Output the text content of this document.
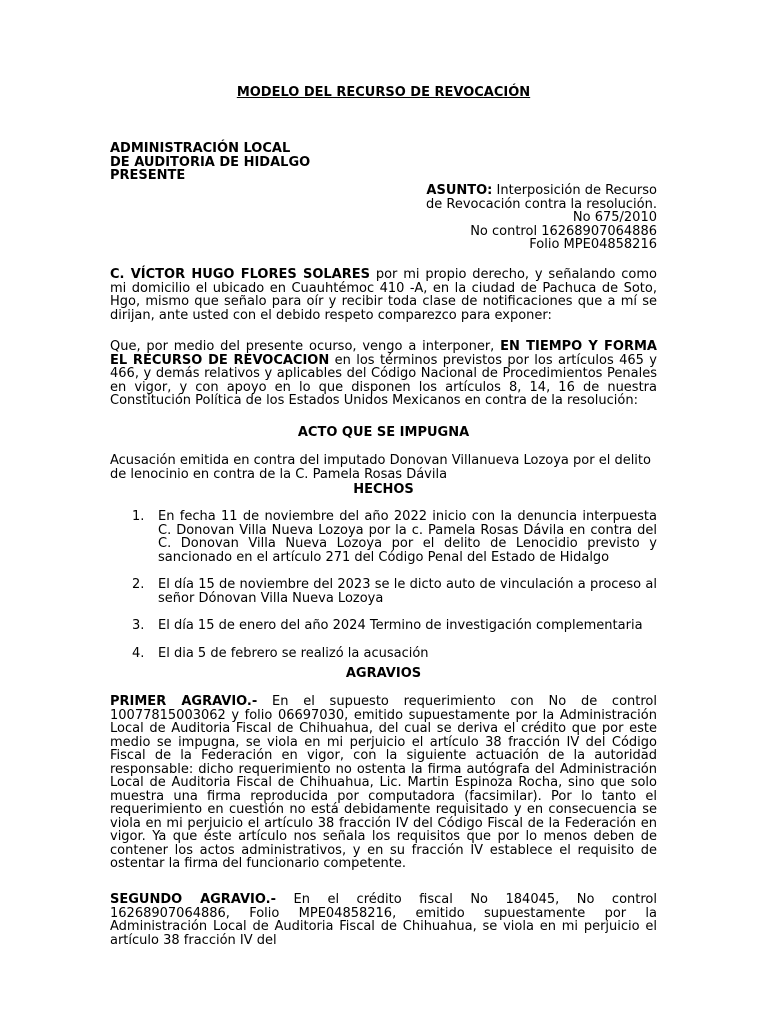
MODELO DEL RECURSO DE REVOCACIÓN
ADMINISTRACIÓN LOCAL
DE AUDITORIA DE HIDALGO
PRESENTE
ASUNTO: Interposición de Recurso
de Revocación contra la resolución.
No 675/2010
No control 16268907064886
Folio MPE04858216
C. VÍCTOR HUGO FLORES SOLARES por mi propio derecho, y señalando como mi domicilio el ubicado en Cuauhtémoc 410 -A, en la ciudad de Pachuca de Soto, Hgo, mismo que señalo para oír y recibir toda clase de notificaciones que a mí se dirijan, ante usted con el debido respeto comparezco para exponer:
Que, por medio del presente ocurso, vengo a interponer, EN TIEMPO Y FORMA EL RECURSO DE REVOCACION en los términos previstos por los artículos 465 y 466, y demás relativos y aplicables del Código Nacional de Procedimientos Penales en vigor, y con apoyo en lo que disponen los artículos 8, 14, 16 de nuestra Constitución Política de los Estados Unidos Mexicanos en contra de la resolución:
ACTO QUE SE IMPUGNA
Acusación emitida en contra del imputado Donovan Villanueva Lozoya por el delito de lenocinio en contra de la C. Pamela Rosas Dávila
HECHOS
1. En fecha 11 de noviembre del año 2022 inicio con la denuncia interpuesta C. Donovan Villa Nueva Lozoya por la c. Pamela Rosas Dávila en contra del C. Donovan Villa Nueva Lozoya por el delito de Lenocidio previsto y sancionado en el artículo 271 del Código Penal del Estado de Hidalgo
2. El día 15 de noviembre del 2023 se le dicto auto de vinculación a proceso al señor Dónovan Villa Nueva Lozoya
3. El día 15 de enero del año 2024 Termino de investigación complementaria
4. El dia 5 de febrero se realizó la acusación
AGRAVIOS
PRIMER AGRAVIO.- En el supuesto requerimiento con No de control 10077815003062 y folio 06697030, emitido supuestamente por la Administración Local de Auditoria Fiscal de Chihuahua, del cual se deriva el crédito que por este medio se impugna, se viola en mi perjuicio el artículo 38 fracción IV del Código Fiscal de la Federación en vigor, con la siguiente actuación de la autoridad responsable: dicho requerimiento no ostenta la firma autógrafa del Administración Local de Auditoria Fiscal de Chihuahua, Lic. Martin Espinoza Rocha, sino que solo muestra una firma reproducida por computadora (facsimilar). Por lo tanto el requerimiento en cuestión no está debidamente requisitado y en consecuencia se viola en mi perjuicio el artículo 38 fracción IV del Código Fiscal de la Federación en vigor. Ya que éste artículo nos señala los requisitos que por lo menos deben de contener los actos administrativos, y en su fracción IV establece el requisito de ostentar la firma del funcionario competente.
SEGUNDO AGRAVIO.- En el crédito fiscal No 184045, No control 16268907064886, Folio MPE04858216, emitido supuestamente por la Administración Local de Auditoria Fiscal de Chihuahua, se viola en mi perjuicio el artículo 38 fracción IV del
